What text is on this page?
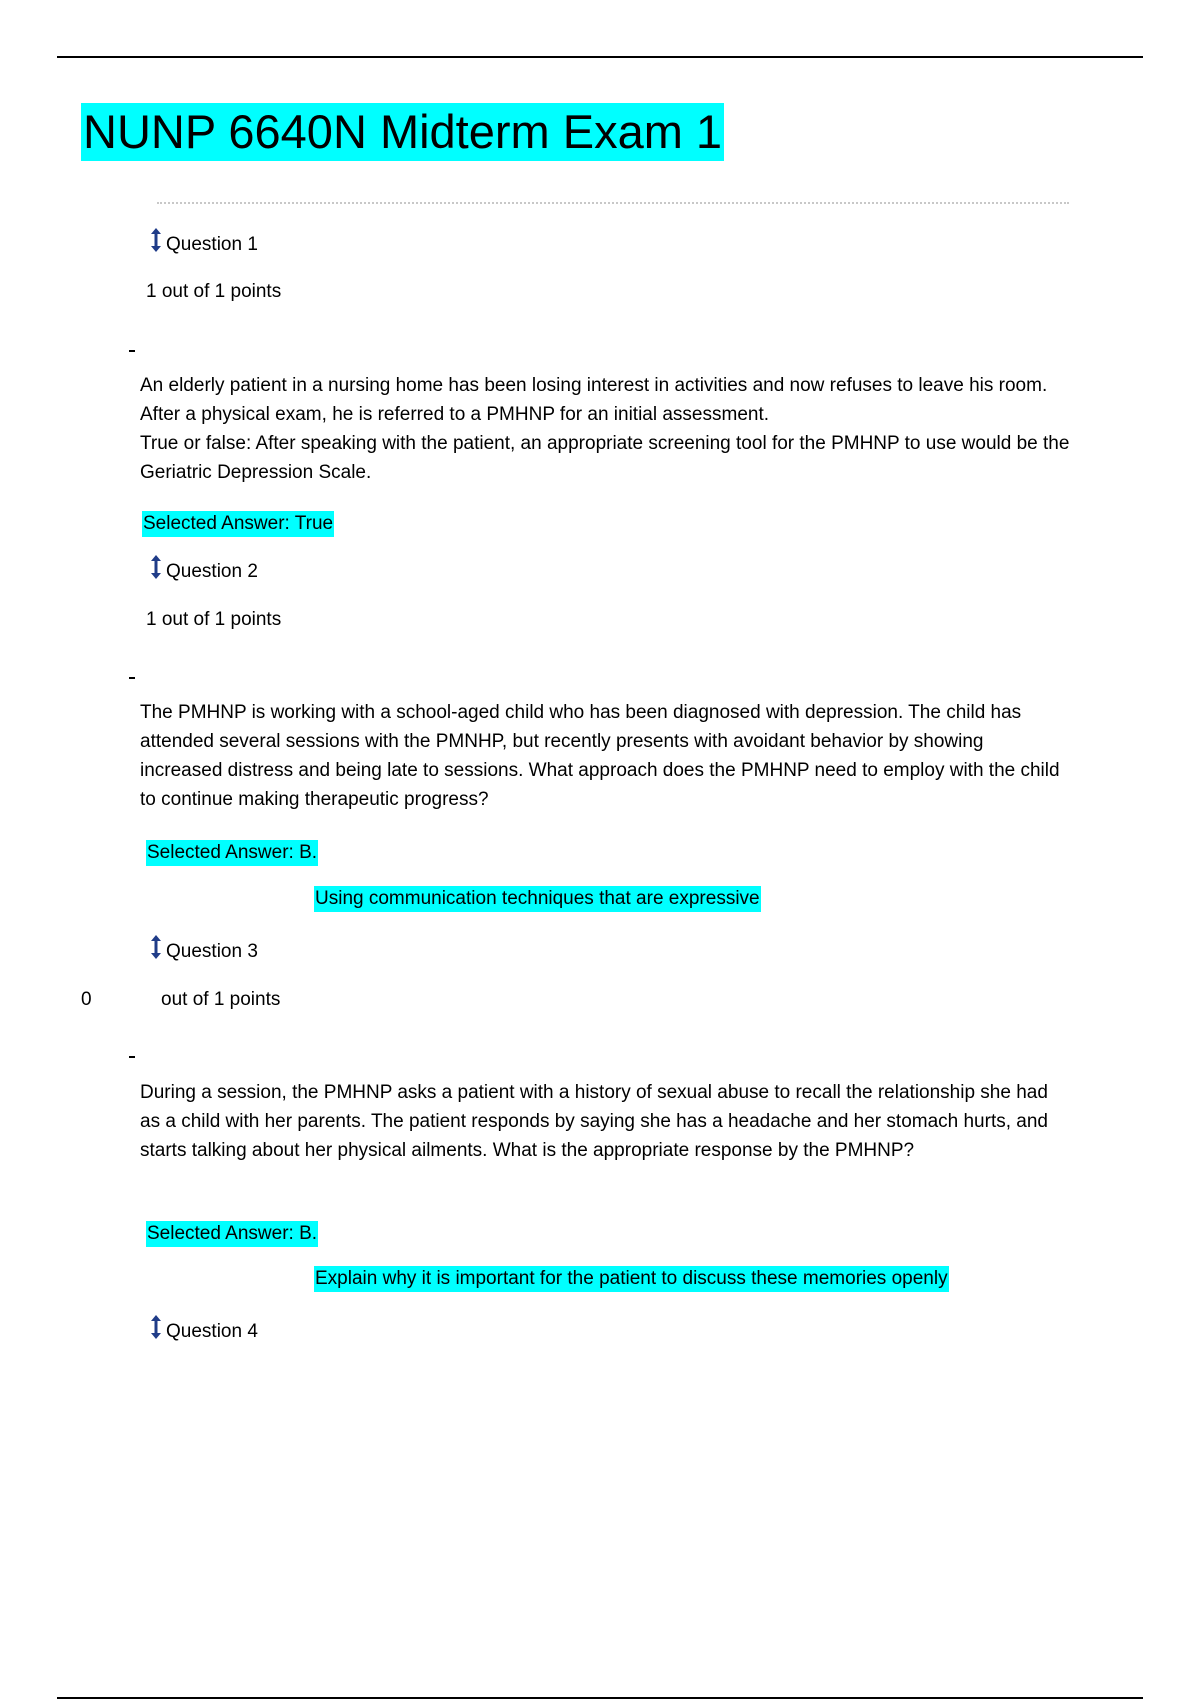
NUNP 6640N Midterm Exam 1
Question 1
1 out of 1 points
An elderly patient in a nursing home has been losing interest in activities and now refuses to leave his room. After a physical exam, he is referred to a PMHNP for an initial assessment.
True or false: After speaking with the patient, an appropriate screening tool for the PMHNP to use would be the Geriatric Depression Scale.
Selected Answer: True
Question 2
1 out of 1 points
The PMHNP is working with a school-aged child who has been diagnosed with depression. The child has attended several sessions with the PMNHP, but recently presents with avoidant behavior by showing increased distress and being late to sessions. What approach does the PMHNP need to employ with the child to continue making therapeutic progress?
Selected Answer: B.
Using communication techniques that are expressive
Question 3
0	out of 1 points
During a session, the PMHNP asks a patient with a history of sexual abuse to recall the relationship she had as a child with her parents. The patient responds by saying she has a headache and her stomach hurts, and starts talking about her physical ailments. What is the appropriate response by the PMHNP?
Selected Answer: B.
Explain why it is important for the patient to discuss these memories openly
Question 4
